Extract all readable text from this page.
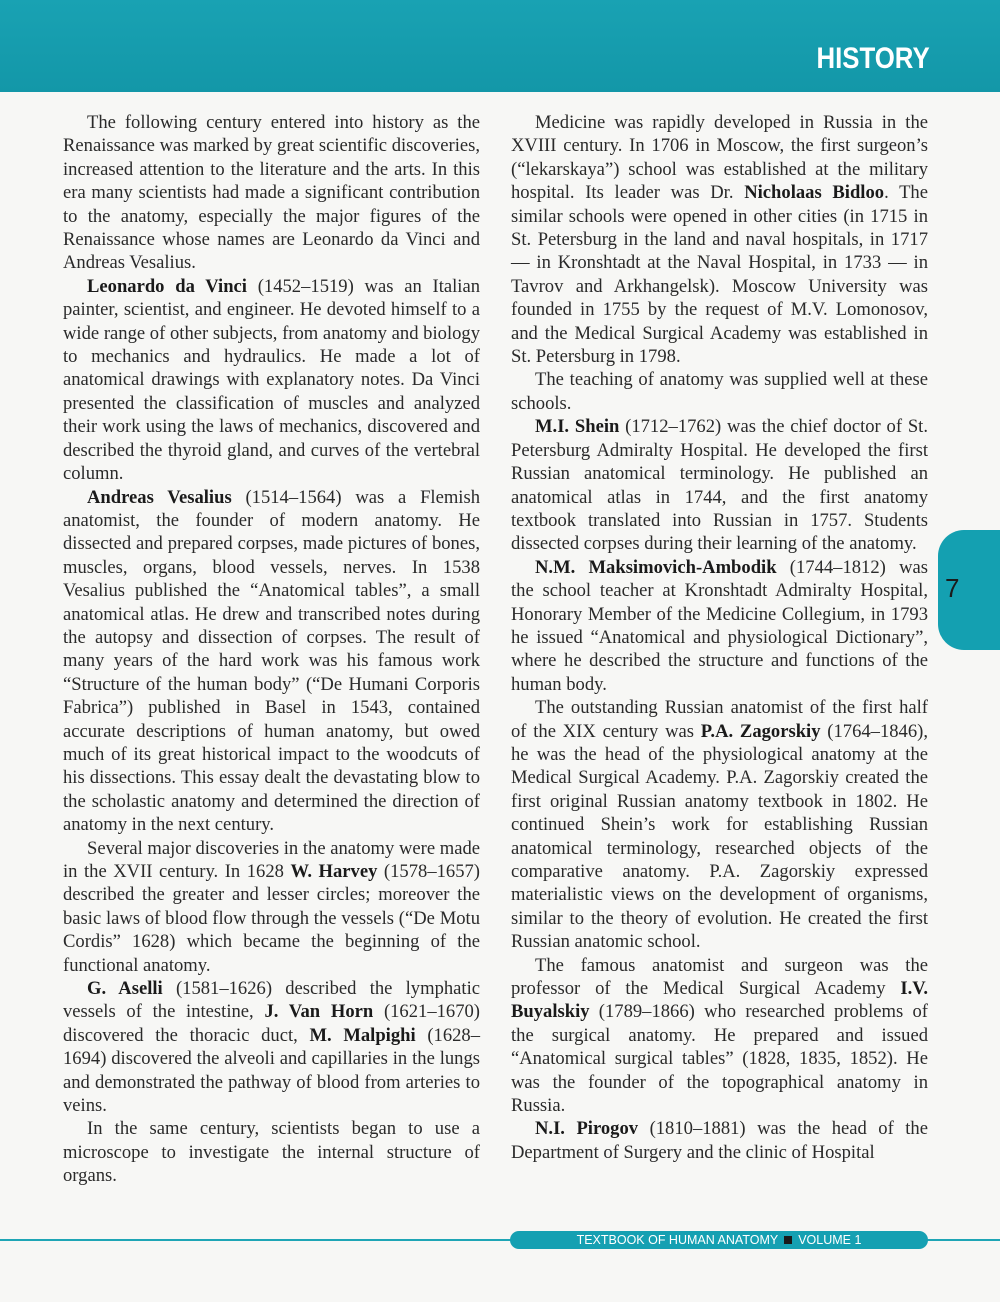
HISTORY

The following century entered into history as the Renaissance was marked by great scientific discoveries, increased attention to the literature and the arts. In this era many scientists had made a significant contribution to the anatomy, especially the major figures of the Renaissance whose names are Leonardo da Vinci and Andreas Vesalius.

Leonardo da Vinci (1452–1519) was an Italian painter, scientist, and engineer. He devoted himself to a wide range of other subjects, from anatomy and biology to mechanics and hydraulics. He made a lot of anatomical drawings with explanatory notes. Da Vinci presented the classification of muscles and analyzed their work using the laws of mechanics, discovered and described the thyroid gland, and curves of the vertebral column.

Andreas Vesalius (1514–1564) was a Flemish anatomist, the founder of modern anatomy. He dissected and prepared corpses, made pictures of bones, muscles, organs, blood vessels, nerves. In 1538 Vesalius published the “Anatomical tables”, a small anatomical atlas. He drew and transcribed notes during the autopsy and dissection of corpses. The result of many years of the hard work was his famous work “Structure of the human body” (“De Humani Corporis Fabrica”) published in Basel in 1543, contained accurate descriptions of human anatomy, but owed much of its great historical impact to the woodcuts of his dissections. This essay dealt the devastating blow to the scholastic anatomy and determined the direction of anatomy in the next century.

Several major discoveries in the anatomy were made in the XVII century. In 1628 W. Harvey (1578–1657) described the greater and lesser circles; moreover the basic laws of blood flow through the vessels (“De Motu Cordis” 1628) which became the beginning of the functional anatomy.

G. Aselli (1581–1626) described the lymphatic vessels of the intestine, J. Van Horn (1621–1670) discovered the thoracic duct, M. Malpighi (1628–1694) discovered the alveoli and capillaries in the lungs and demonstrated the pathway of blood from arteries to veins.

In the same century, scientists began to use a microscope to investigate the internal structure of organs.

Medicine was rapidly developed in Russia in the XVIII century. In 1706 in Moscow, the first surgeon’s (“lekarskaya”) school was established at the military hospital. Its leader was Dr. Nicholaas Bidloo. The similar schools were opened in other cities (in 1715 in St. Petersburg in the land and naval hospitals, in 1717 — in Kronshtadt at the Naval Hospital, in 1733 — in Tavrov and Arkhangelsk). Moscow University was founded in 1755 by the request of M.V. Lomonosov, and the Medical Surgical Academy was established in St. Petersburg in 1798.

The teaching of anatomy was supplied well at these schools.

M.I. Shein (1712–1762) was the chief doctor of St. Petersburg Admiralty Hospital. He developed the first Russian anatomical terminology. He published an anatomical atlas in 1744, and the first anatomy textbook translated into Russian in 1757. Students dissected corpses during their learning of the anatomy.

N.M. Maksimovich-Ambodik (1744–1812) was the school teacher at Kronshtadt Admiralty Hospital, Honorary Member of the Medicine Collegium, in 1793 he issued “Anatomical and physiological Dictionary”, where he described the structure and functions of the human body.

The outstanding Russian anatomist of the first half of the XIX century was P.A. Zagorskiy (1764–1846), he was the head of the physiological anatomy at the Medical Surgical Academy. P.A. Zagorskiy created the first original Russian anatomy textbook in 1802. He continued Shein’s work for establishing Russian anatomical terminology, researched objects of the comparative anatomy. P.A. Zagorskiy expressed materialistic views on the development of organisms, similar to the theory of evolution. He created the first Russian anatomic school.

The famous anatomist and surgeon was the professor of the Medical Surgical Academy I.V. Buyalskiy (1789–1866) who researched problems of the surgical anatomy. He prepared and issued “Anatomical surgical tables” (1828, 1835, 1852). He was the founder of the topographical anatomy in Russia.

N.I. Pirogov (1810–1881) was the head of the Department of Surgery and the clinic of Hospital

7
TEXTBOOK OF HUMAN ANATOMY VOLUME 1
